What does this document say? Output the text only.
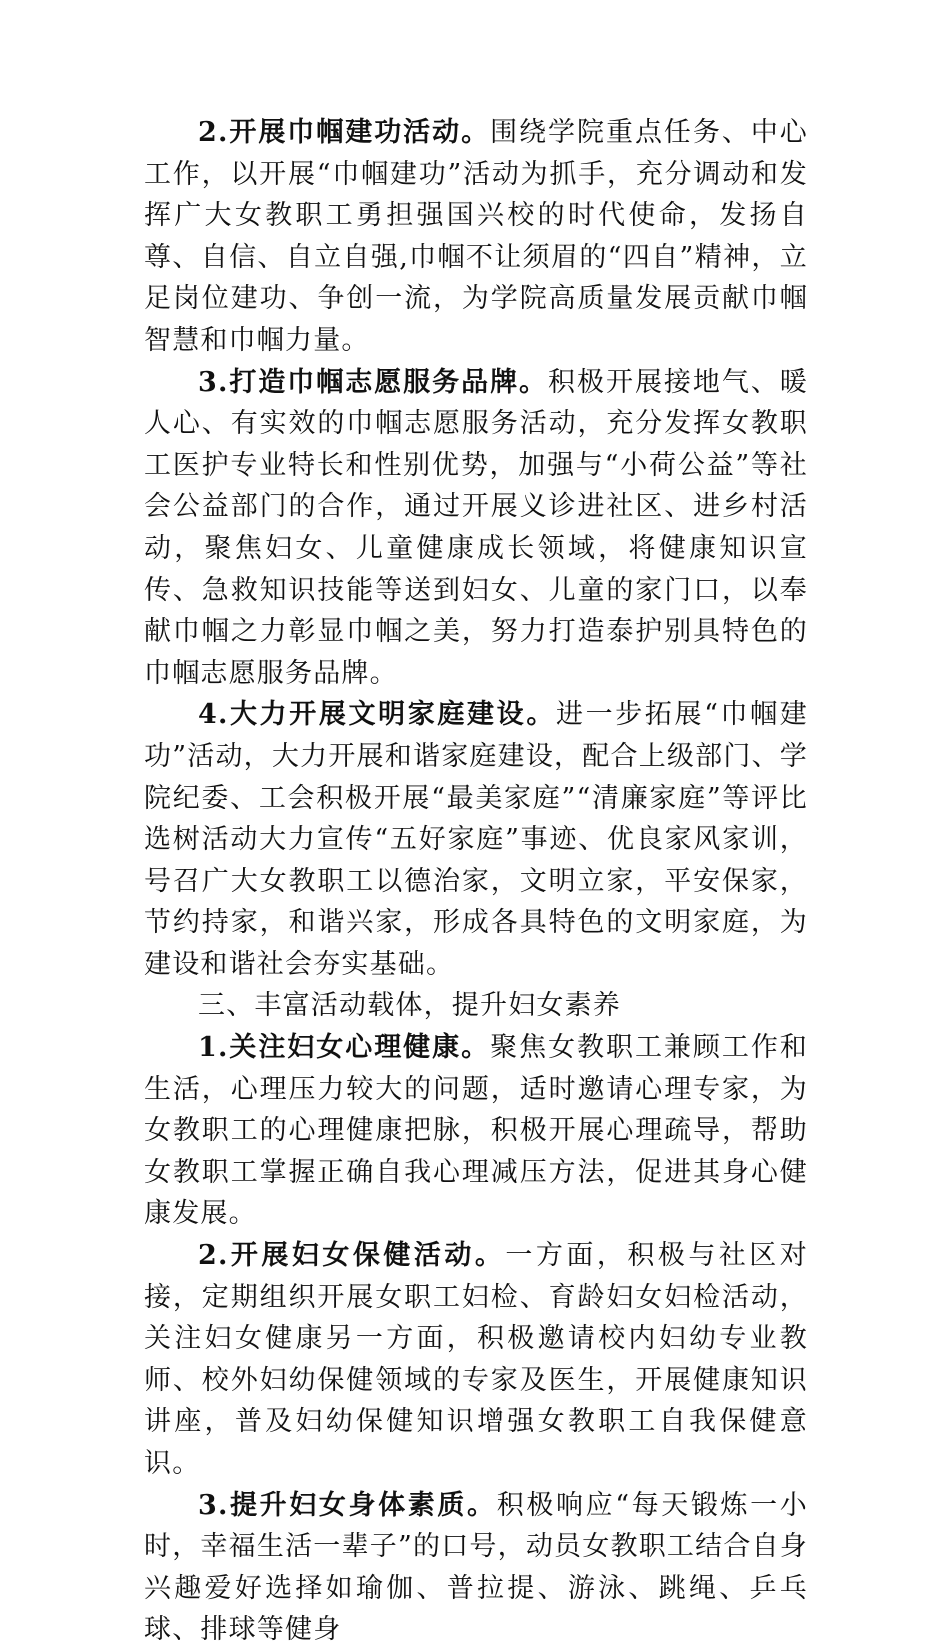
2.开展巾帼建功活动。围绕学院重点任务、中心工作，以开展“巾帼建功”活动为抓手，充分调动和发挥广大女教职工勇担强国兴校的时代使命，发扬自尊、自信、自立自强,巾帼不让须眉的“四自”精神，立足岗位建功、争创一流，为学院高质量发展贡献巾帼智慧和巾帼力量。

3.打造巾帼志愿服务品牌。积极开展接地气、暖人心、有实效的巾帼志愿服务活动，充分发挥女教职工医护专业特长和性别优势，加强与“小荷公益”等社会公益部门的合作，通过开展义诊进社区、进乡村活动，聚焦妇女、儿童健康成长领域，将健康知识宣传、急救知识技能等送到妇女、儿童的家门口，以奉献巾帼之力彰显巾帼之美，努力打造泰护别具特色的巾帼志愿服务品牌。

4.大力开展文明家庭建设。进一步拓展“巾帼建功”活动，大力开展和谐家庭建设，配合上级部门、学院纪委、工会积极开展“最美家庭”“清廉家庭”等评比选树活动大力宣传“五好家庭”事迹、优良家风家训，号召广大女教职工以德治家，文明立家，平安保家，节约持家，和谐兴家，形成各具特色的文明家庭，为建设和谐社会夯实基础。

三、丰富活动载体，提升妇女素养

1.关注妇女心理健康。聚焦女教职工兼顾工作和生活，心理压力较大的问题，适时邀请心理专家，为女教职工的心理健康把脉，积极开展心理疏导，帮助女教职工掌握正确自我心理减压方法，促进其身心健康发展。

2.开展妇女保健活动。一方面，积极与社区对接，定期组织开展女职工妇检、育龄妇女妇检活动，关注妇女健康另一方面，积极邀请校内妇幼专业教师、校外妇幼保健领域的专家及医生，开展健康知识讲座，普及妇幼保健知识增强女教职工自我保健意识。

3.提升妇女身体素质。积极响应“每天锻炼一小时，幸福生活一辈子”的口号，动员女教职工结合自身兴趣爱好选择如瑜伽、普拉提、游泳、跳绳、乒乓球、排球等健身
